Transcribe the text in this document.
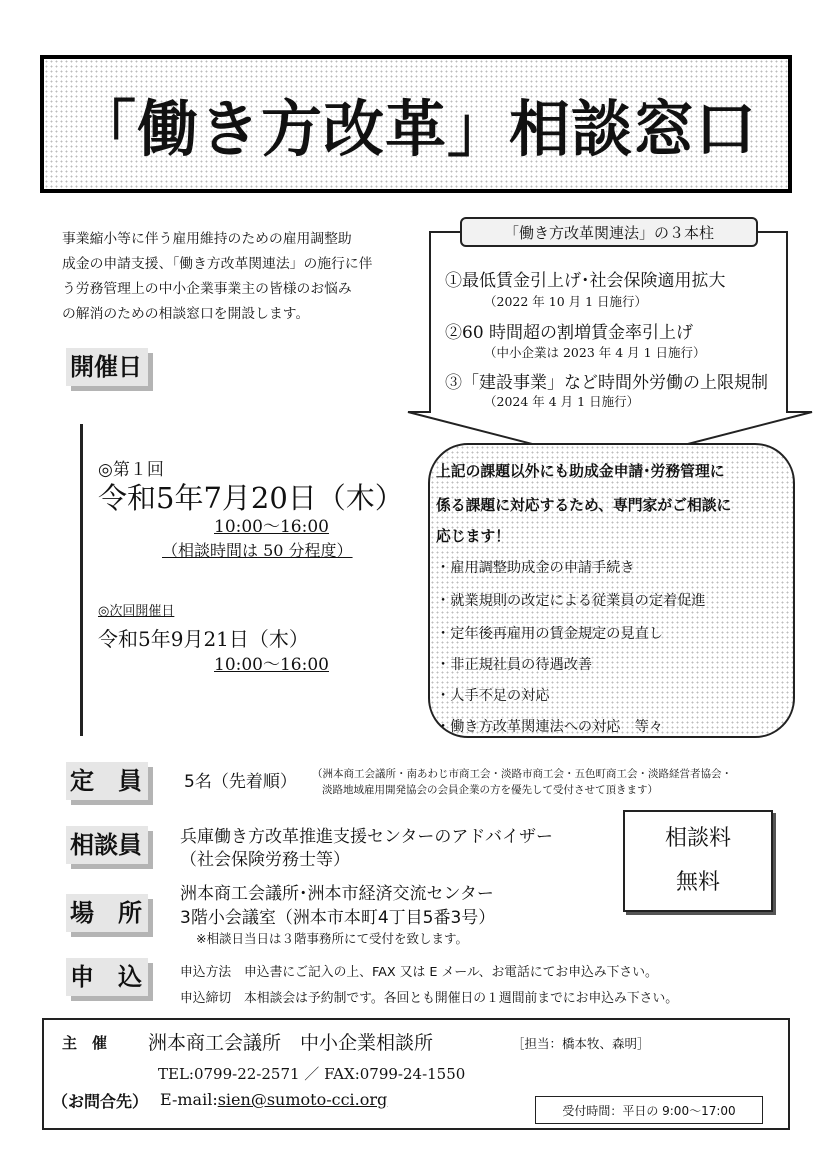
「働き方改革」相談窓口
事業縮小等に伴う雇用維持のための雇用調整助
成金の申請支援、「働き方改革関連法」の施行に伴
う労務管理上の中小企業事業主の皆様のお悩み
の解消のための相談窓口を開設します。
「働き方改革関連法」の３本柱
①最低賃金引上げ･社会保険適用拡大
（2022 年 10 月 1 日施行）
②60 時間超の割増賃金率引上げ
（中小企業は 2023 年 4 月 1 日施行）
③「建設事業」など時間外労働の上限規制
（2024 年 4 月 1 日施行）
開催日
◎第１回
令和5年7月20日（木）
10:00～16:00
（相談時間は 50 分程度）
◎次回開催日
令和5年9月21日（木）
10:00～16:00
上記の課題以外にも助成金申請･労務管理に
係る課題に対応するため、専門家がご相談に
応じます！
・雇用調整助成金の申請手続き
・就業規則の改定による従業員の定着促進
・定年後再雇用の賃金規定の見直し
・非正規社員の待遇改善
・人手不足の対応
・働き方改革関連法への対応　等々
定　員	5名（先着順） （洲本商工会議所・南あわじ市商工会・淡路市商工会・五色町商工会・淡路経営者協会・
淡路地域雇用開発協会の会員企業の方を優先して受付させて頂きます）
相談員	兵庫働き方改革推進支援センターのアドバイザー
（社会保険労務士等）
相談料
無料
場　所
洲本商工会議所･洲本市経済交流センター
3階小会議室（洲本市本町4丁目5番3号）
※相談日当日は３階事務所にて受付を致します。
申　込	申込方法　申込書にご記入の上、FAX 又は E メール、お電話にてお申込み下さい。
申込締切　本相談会は予約制です。各回とも開催日の１週間前までにお申込み下さい。
主　催 洲本商工会議所　中小企業相談所	［担当：橋本牧、森明］
TEL:0799-22-2571 ／ FAX:0799-24-1550
（お問合先） E-mail:sien@sumoto-cci.org
受付時間：平日の 9:00～17:00
